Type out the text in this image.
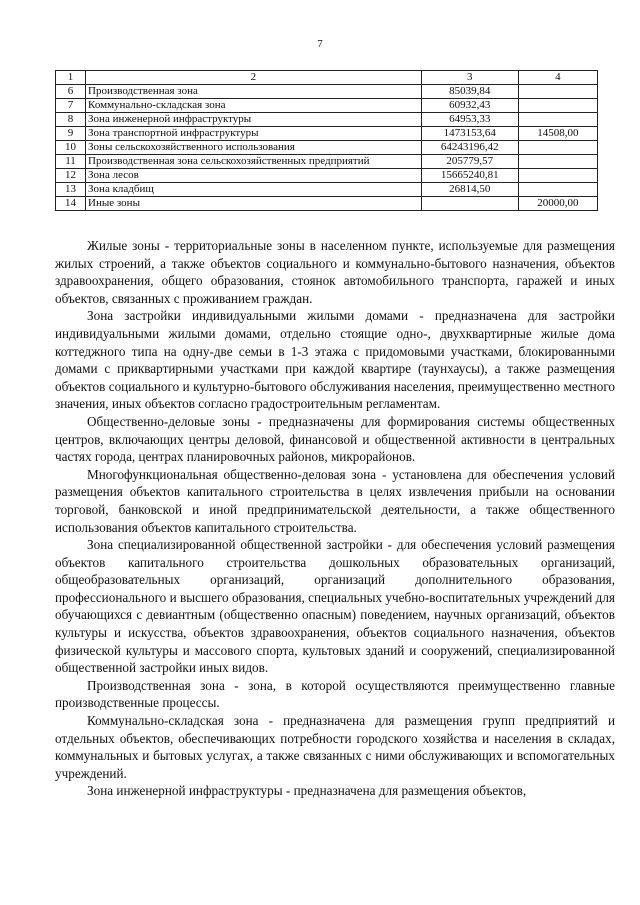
7
1	2	3	4
6	Производственная зона	85039,84	
7	Коммунально-складская зона	60932,43	
8	Зона инженерной инфраструктуры	64953,33	
9	Зона транспортной инфраструктуры	1473153,64	14508,00
10	Зоны сельскохозяйственного использования	64243196,42	
11	Производственная зона сельскохозяйственных предприятий	205779,57	
12	Зона лесов	15665240,81	
13	Зона кладбищ	26814,50	
14	Иные зоны		20000,00

Жилые зоны - территориальные зоны в населенном пункте, используемые для размещения жилых строений, а также объектов социального и коммунально-бытового назначения, объектов здравоохранения, общего образования, стоянок автомобильного транспорта, гаражей и иных объектов, связанных с проживанием граждан.

Зона застройки индивидуальными жилыми домами - предназначена для застройки индивидуальными жилыми домами, отдельно стоящие одно-, двухквартирные жилые дома коттеджного типа на одну-две семьи в 1-3 этажа с придомовыми участками, блокированными домами с приквартирными участками при каждой квартире (таунхаусы), а также размещения объектов социального и культурно-бытового обслуживания населения, преимущественно местного значения, иных объектов согласно градостроительным регламентам.

Общественно-деловые зоны - предназначены для формирования системы общественных центров, включающих центры деловой, финансовой и общественной активности в центральных частях города, центрах планировочных районов, микрорайонов.

Многофункциональная общественно-деловая зона - установлена для обеспечения условий размещения объектов капитального строительства в целях извлечения прибыли на основании торговой, банковской и иной предпринимательской деятельности, а также общественного использования объектов капитального строительства.

Зона специализированной общественной застройки - для обеспечения условий размещения объектов капитального строительства дошкольных образовательных организаций, общеобразовательных организаций, организаций дополнительного образования, профессионального и высшего образования, специальных учебно-воспитательных учреждений для обучающихся с девиантным (общественно опасным) поведением, научных организаций, объектов культуры и искусства, объектов здравоохранения, объектов социального назначения, объектов физической культуры и массового спорта, культовых зданий и сооружений, специализированной общественной застройки иных видов.

Производственная зона - зона, в которой осуществляются преимущественно главные производственные процессы.

Коммунально-складская зона - предназначена для размещения групп предприятий и отдельных объектов, обеспечивающих потребности городского хозяйства и населения в складах, коммунальных и бытовых услугах, а также связанных с ними обслуживающих и вспомогательных учреждений.

Зона инженерной инфраструктуры - предназначена для размещения объектов,
